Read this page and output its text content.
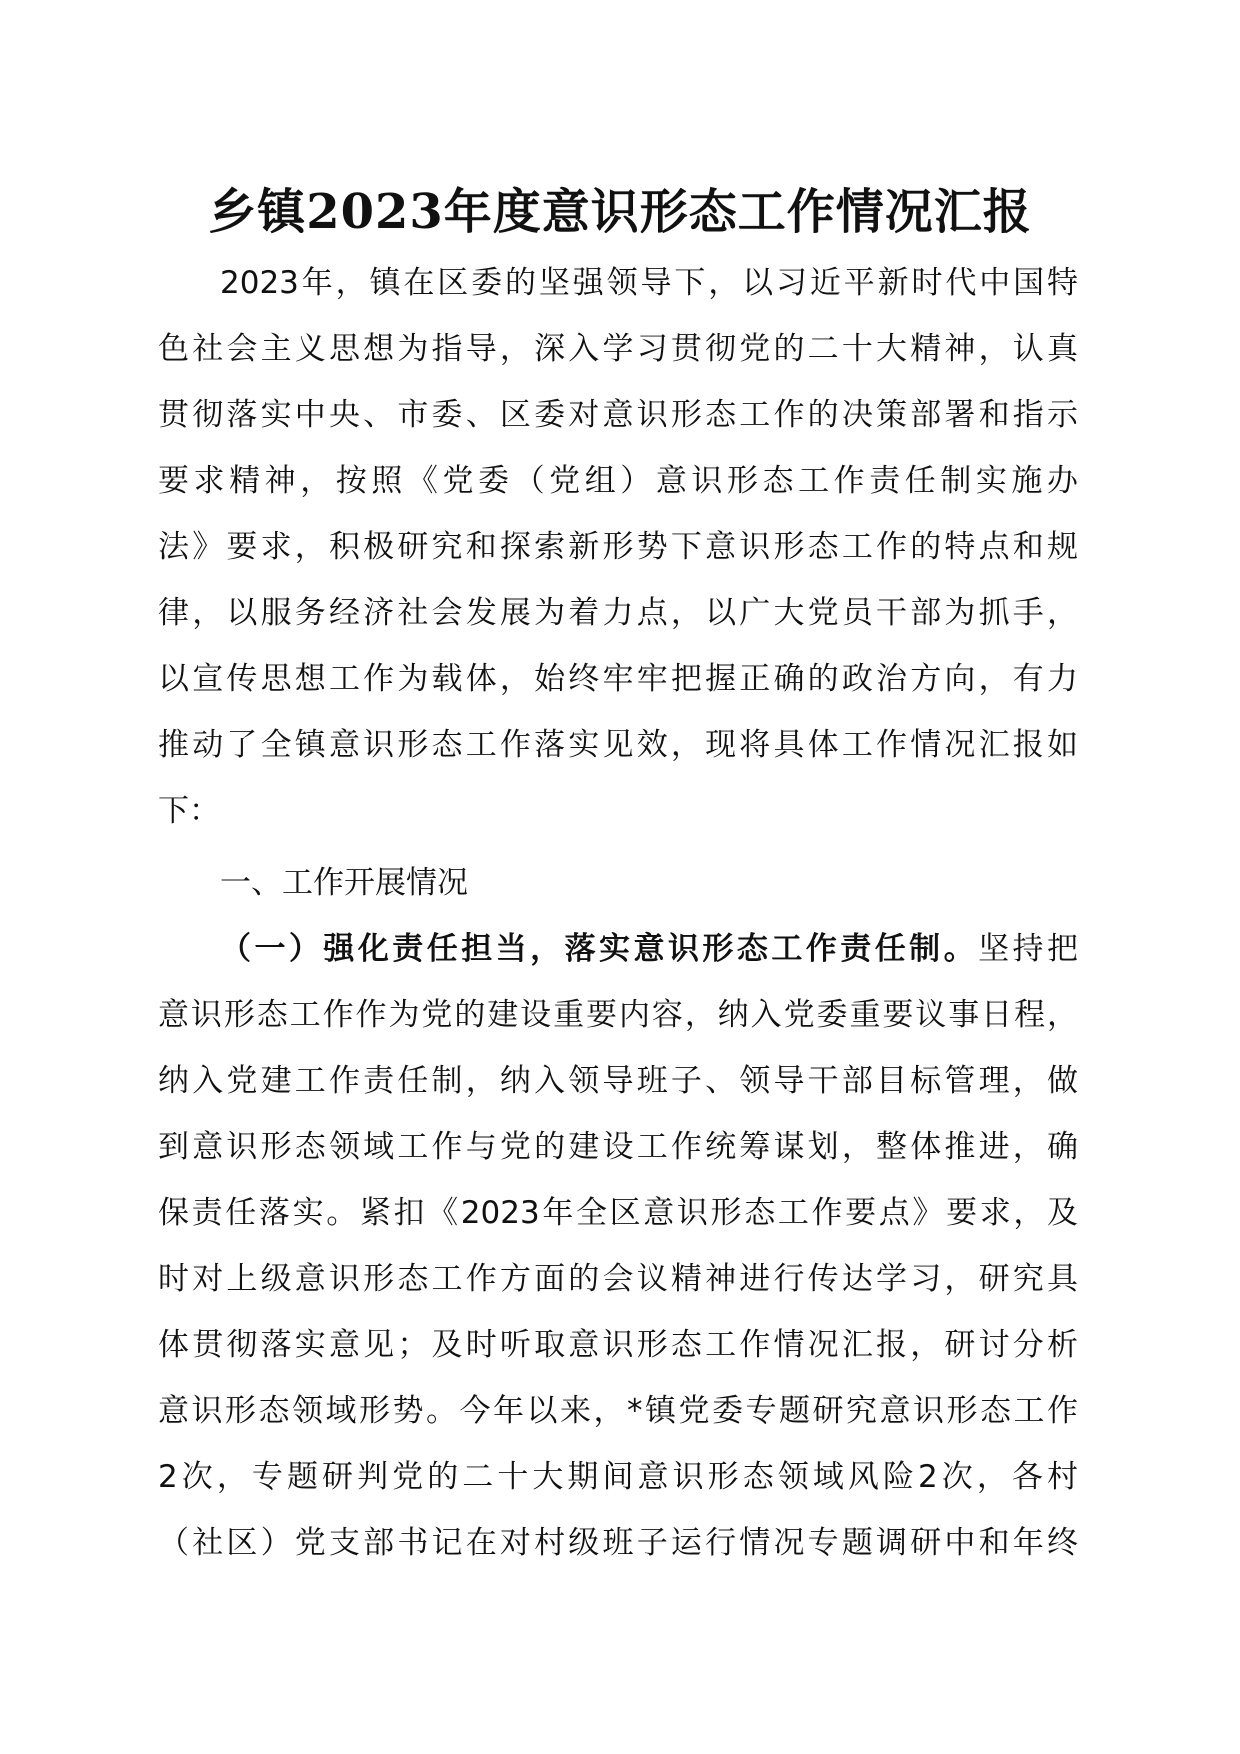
乡镇2023年度意识形态工作情况汇报
2023年，镇在区委的坚强领导下，以习近平新时代中国特
色社会主义思想为指导，深入学习贯彻党的二十大精神，认真
贯彻落实中央、市委、区委对意识形态工作的决策部署和指示
要求精神，按照《党委（党组）意识形态工作责任制实施办
法》要求，积极研究和探索新形势下意识形态工作的特点和规
律，以服务经济社会发展为着力点，以广大党员干部为抓手，
以宣传思想工作为载体，始终牢牢把握正确的政治方向，有力
推动了全镇意识形态工作落实见效，现将具体工作情况汇报如
下：
一、工作开展情况
（一）强化责任担当，落实意识形态工作责任制。坚持把
意识形态工作作为党的建设重要内容，纳入党委重要议事日程，
纳入党建工作责任制，纳入领导班子、领导干部目标管理，做
到意识形态领域工作与党的建设工作统筹谋划，整体推进，确
保责任落实。紧扣《2023年全区意识形态工作要点》要求，及
时对上级意识形态工作方面的会议精神进行传达学习，研究具
体贯彻落实意见；及时听取意识形态工作情况汇报，研讨分析
意识形态领域形势。今年以来，*镇党委专题研究意识形态工作
2次，专题研判党的二十大期间意识形态领域风险2次，各村
（社区）党支部书记在对村级班子运行情况专题调研中和年终
